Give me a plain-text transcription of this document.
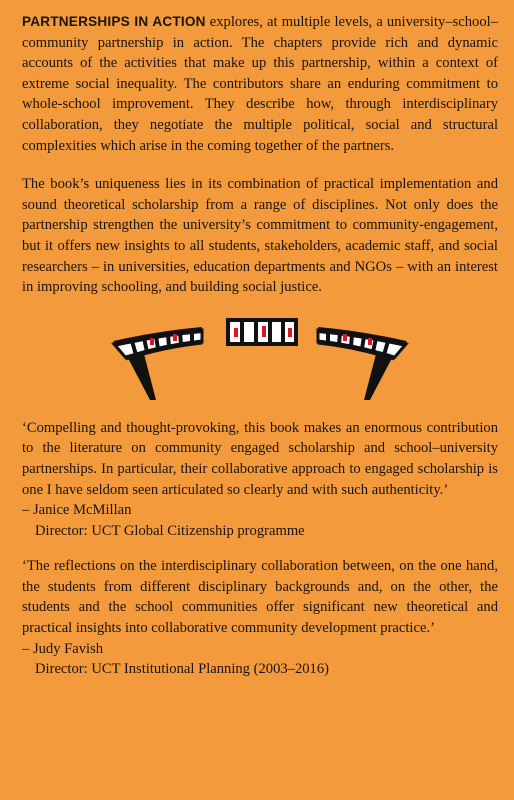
PARTNERSHIPS IN ACTION explores, at multiple levels, a university–school–community partnership in action. The chapters provide rich and dynamic accounts of the activities that make up this partnership, within a context of extreme social inequality. The contributors share an enduring commitment to whole-school improvement. They describe how, through interdisciplinary collaboration, they negotiate the multiple political, social and structural complexities which arise in the coming together of the partners.

The book’s uniqueness lies in its combination of practical implementation and sound theoretical scholarship from a range of disciplines. Not only does the partnership strengthen the university’s commitment to community-engagement, but it offers new insights to all students, stakeholders, academic staff, and social researchers – in universities, education departments and NGOs – with an interest in improving schooling, and building social justice.

‘Compelling and thought-provoking, this book makes an enormous contribution to the literature on community engaged scholarship and school–university partnerships. In particular, their collaborative approach to engaged scholarship is one I have seldom seen articulated so clearly and with such authenticity.’

– Janice McMillan
Director: UCT Global Citizenship programme

‘The reflections on the interdisciplinary collaboration between, on the one hand, the students from different disciplinary backgrounds and, on the other, the students and the school communities offer significant new theoretical and practical insights into collaborative community development practice.’

– Judy Favish
Director: UCT Institutional Planning (2003–2016)
